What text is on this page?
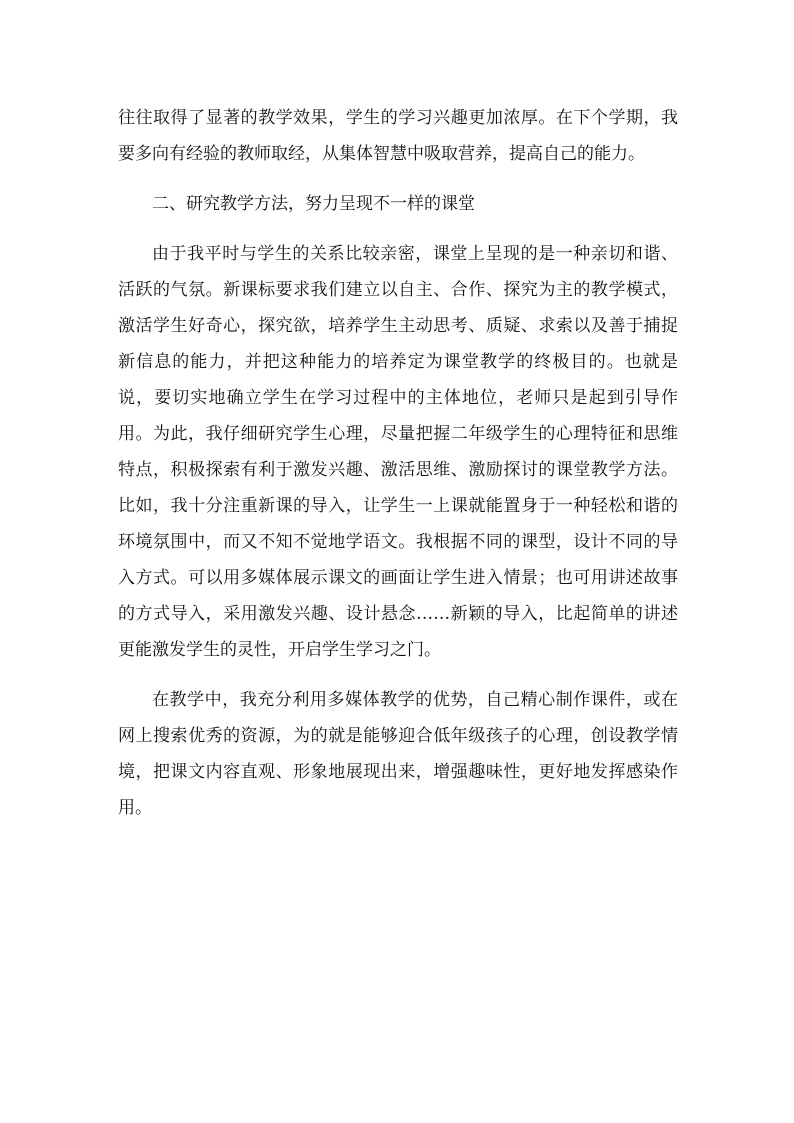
往往取得了显著的教学效果，学生的学习兴趣更加浓厚。在下个学期，我要多向有经验的教师取经，从集体智慧中吸取营养，提高自己的能力。

二、研究教学方法，努力呈现不一样的课堂

由于我平时与学生的关系比较亲密，课堂上呈现的是一种亲切和谐、活跃的气氛。新课标要求我们建立以自主、合作、探究为主的教学模式，激活学生好奇心，探究欲，培养学生主动思考、质疑、求索以及善于捕捉新信息的能力，并把这种能力的培养定为课堂教学的终极目的。也就是说，要切实地确立学生在学习过程中的主体地位，老师只是起到引导作用。为此，我仔细研究学生心理，尽量把握二年级学生的心理特征和思维特点，积极探索有利于激发兴趣、激活思维、激励探讨的课堂教学方法。比如，我十分注重新课的导入，让学生一上课就能置身于一种轻松和谐的环境氛围中，而又不知不觉地学语文。我根据不同的课型，设计不同的导入方式。可以用多媒体展示课文的画面让学生进入情景；也可用讲述故事的方式导入，采用激发兴趣、设计悬念……新颖的导入，比起简单的讲述更能激发学生的灵性，开启学生学习之门。

在教学中，我充分利用多媒体教学的优势，自己精心制作课件，或在网上搜索优秀的资源，为的就是能够迎合低年级孩子的心理，创设教学情境，把课文内容直观、形象地展现出来，增强趣味性，更好地发挥感染作用。
